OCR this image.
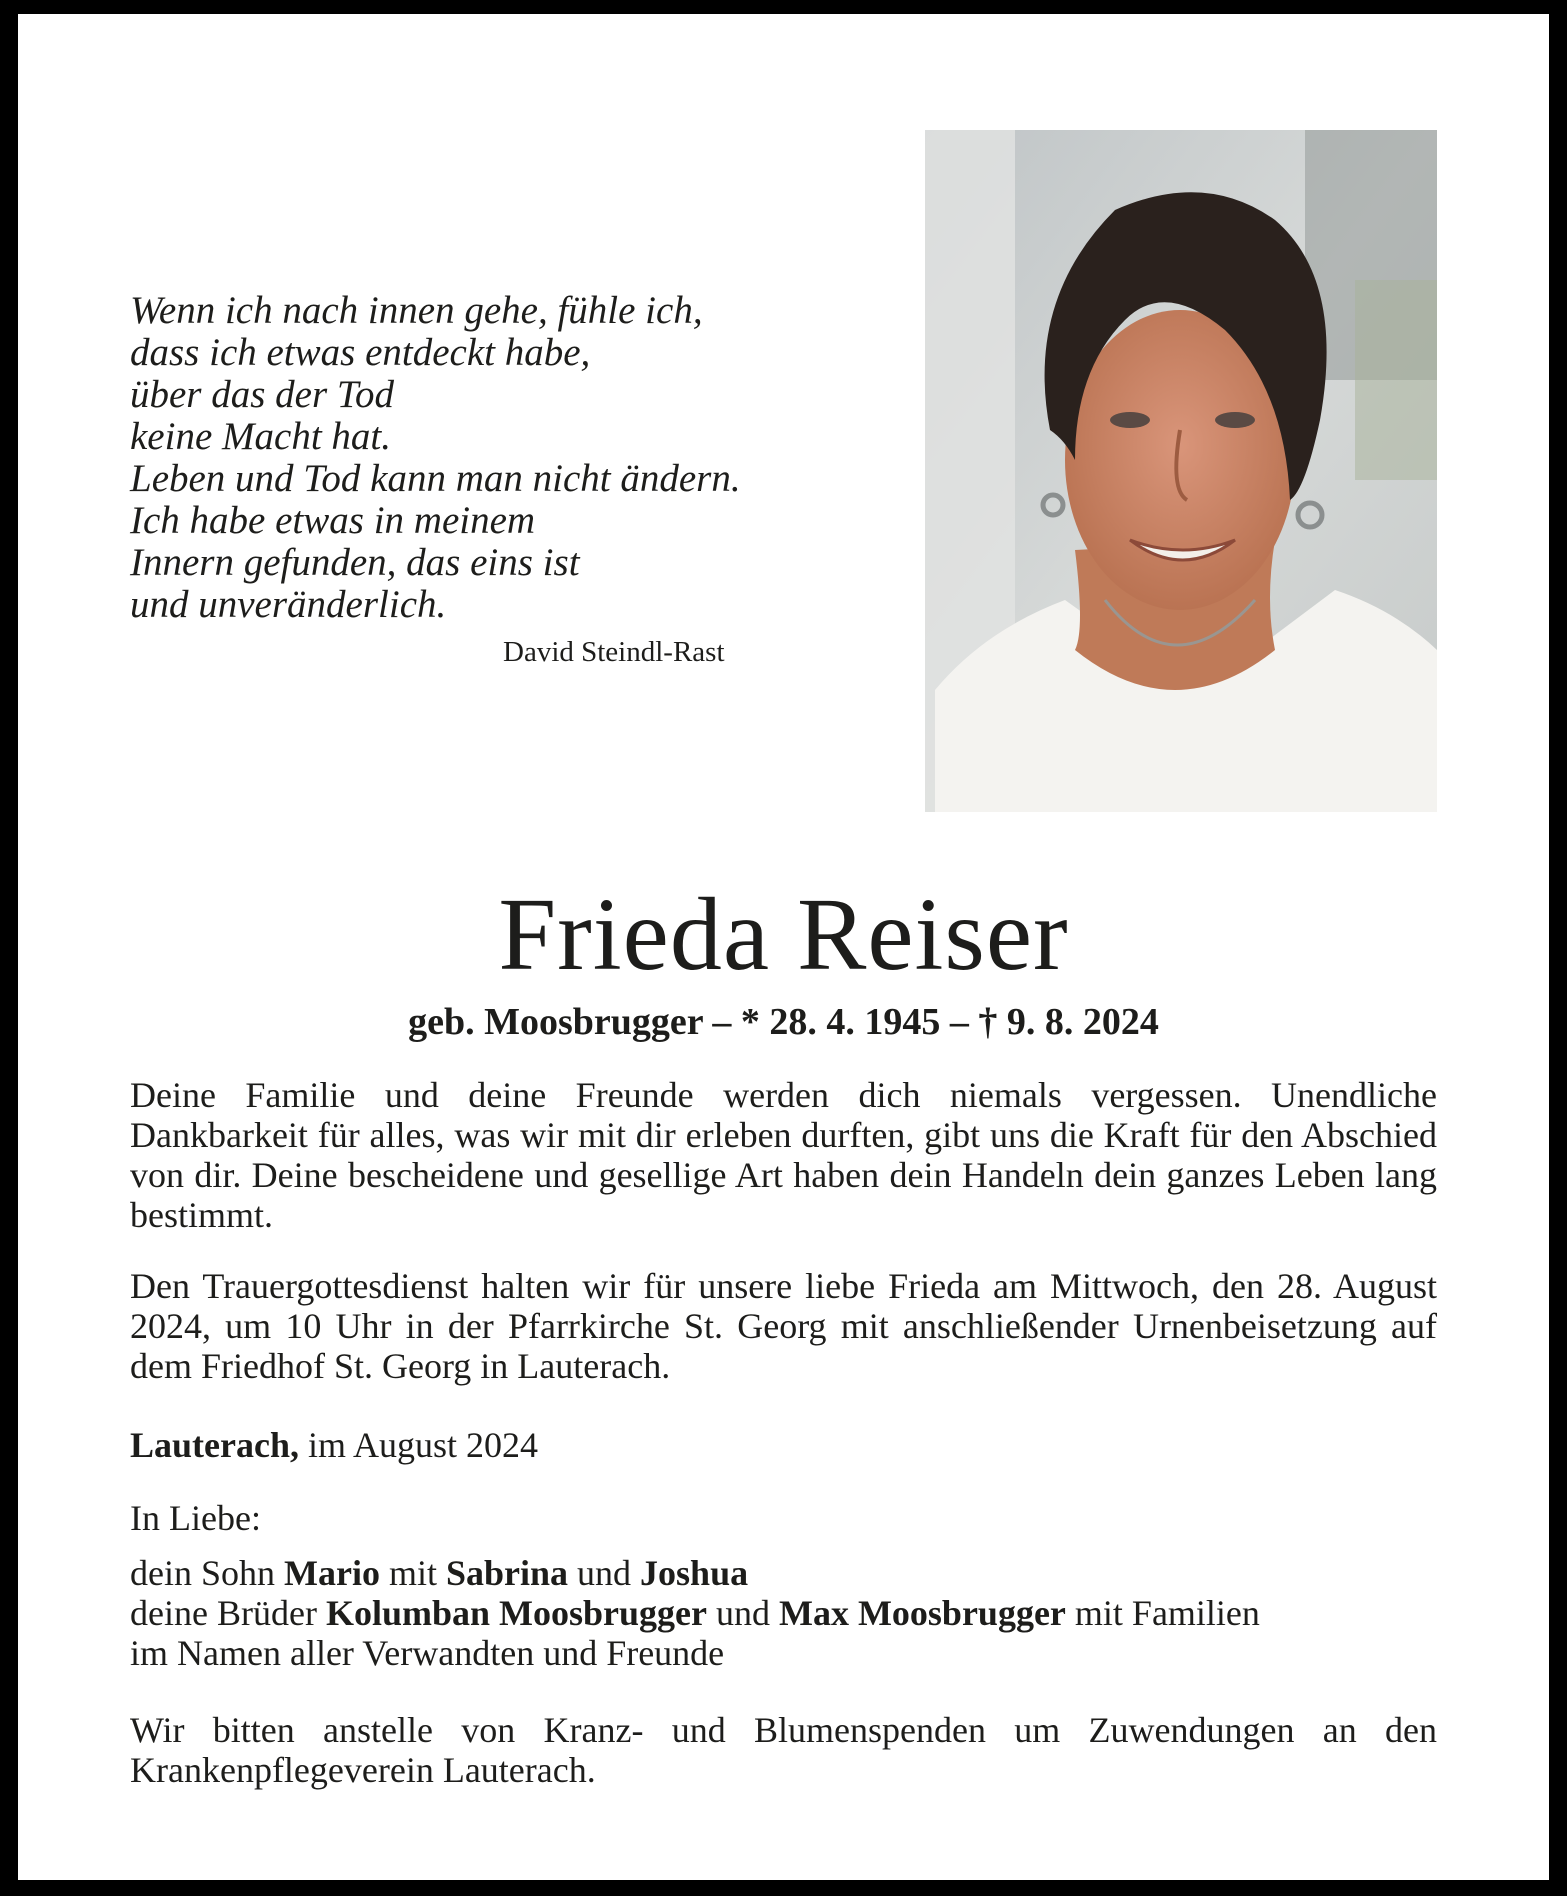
Wenn ich nach innen gehe, fühle ich,
dass ich etwas entdeckt habe,
über das der Tod
keine Macht hat.
Leben und Tod kann man nicht ändern.
Ich habe etwas in meinem
Innern gefunden, das eins ist
und unveränderlich.
David Steindl-Rast
Frieda Reiser
geb. Moosbrugger – * 28. 4. 1945 – † 9. 8. 2024
Deine Familie und deine Freunde werden dich niemals vergessen. Unendliche Dankbarkeit für alles, was wir mit dir erleben durften, gibt uns die Kraft für den Abschied von dir. Deine bescheidene und gesellige Art haben dein Handeln dein ganzes Leben lang bestimmt.
Den Trauergottesdienst halten wir für unsere liebe Frieda am Mittwoch, den 28. August 2024, um 10 Uhr in der Pfarrkirche St. Georg mit anschließender Urnenbeisetzung auf dem Friedhof St. Georg in Lauterach.
Lauterach, im August 2024
In Liebe:
dein Sohn Mario mit Sabrina und Joshua
deine Brüder Kolumban Moosbrugger und Max Moosbrugger mit Familien
im Namen aller Verwandten und Freunde
Wir bitten anstelle von Kranz- und Blumenspenden um Zuwendungen an den Krankenpflegeverein Lauterach.
